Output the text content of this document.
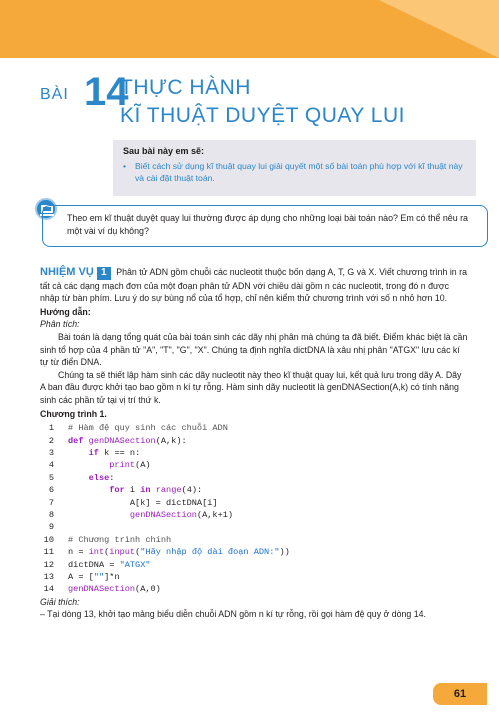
BÀI 14
THỰC HÀNH
KĨ THUẬT DUYỆT QUAY LUI
Sau bài này em sẽ:
• Biết cách sử dụng kĩ thuật quay lui giải quyết một số bài toán phù hợp với kĩ thuật này và cài đặt thuật toán.
Theo em kĩ thuật duyệt quay lui thường được áp dụng cho những loại bài toán nào? Em có thể nêu ra một vài ví dụ không?
NHIỆM VỤ 1 Phân tử ADN gồm chuỗi các nucleotit thuộc bốn dạng A, T, G và X. Viết chương trình in ra tất cả các dạng mạch đơn của một đoạn phân tử ADN với chiều dài gồm n các nucleotit, trong đó n được nhập từ bàn phím. Lưu ý do sự bùng nổ của tổ hợp, chỉ nên kiểm thử chương trình với số n nhỏ hơn 10.
Hướng dẫn:
Phân tích:
Bài toán là dạng tổng quát của bài toán sinh các dãy nhị phân mà chúng ta đã biết. Điểm khác biệt là cần sinh tổ hợp của 4 phần tử "A", "T", "G", "X". Chúng ta định nghĩa dictDNA là xâu nhị phân "ATGX" lưu các kí tự từ điển DNA.
Chúng ta sẽ thiết lập hàm sinh các dãy nucleotit này theo kĩ thuật quay lui, kết quả lưu trong dãy A. Dãy A ban đầu được khởi tạo bao gồm n kí tự rỗng. Hàm sinh dãy nucleotit là genDNASection(A,k) có tính năng sinh các phần tử tại vị trí thứ k.
Chương trình 1.
1 # Hàm đệ quy sinh các chuỗi ADN
2 def genDNASection(A,k):
3	if k == n:
4	print(A)
5	else:
6	for i in range(4):
7            A[k] = dictDNA[i]
8	genDNASection(A,k+1)
9
10 # Chương trình chính
11 n = int(input("Hãy nhập độ dài đoạn ADN:"))
12 dictDNA = "ATGX"
13 A = [""]*n
14 genDNASection(A,0)
Giải thích:
– Tại dòng 13, khởi tạo mảng biểu diễn chuỗi ADN gồm n kí tự rỗng, rồi gọi hàm đệ quy ở dòng 14.
61
